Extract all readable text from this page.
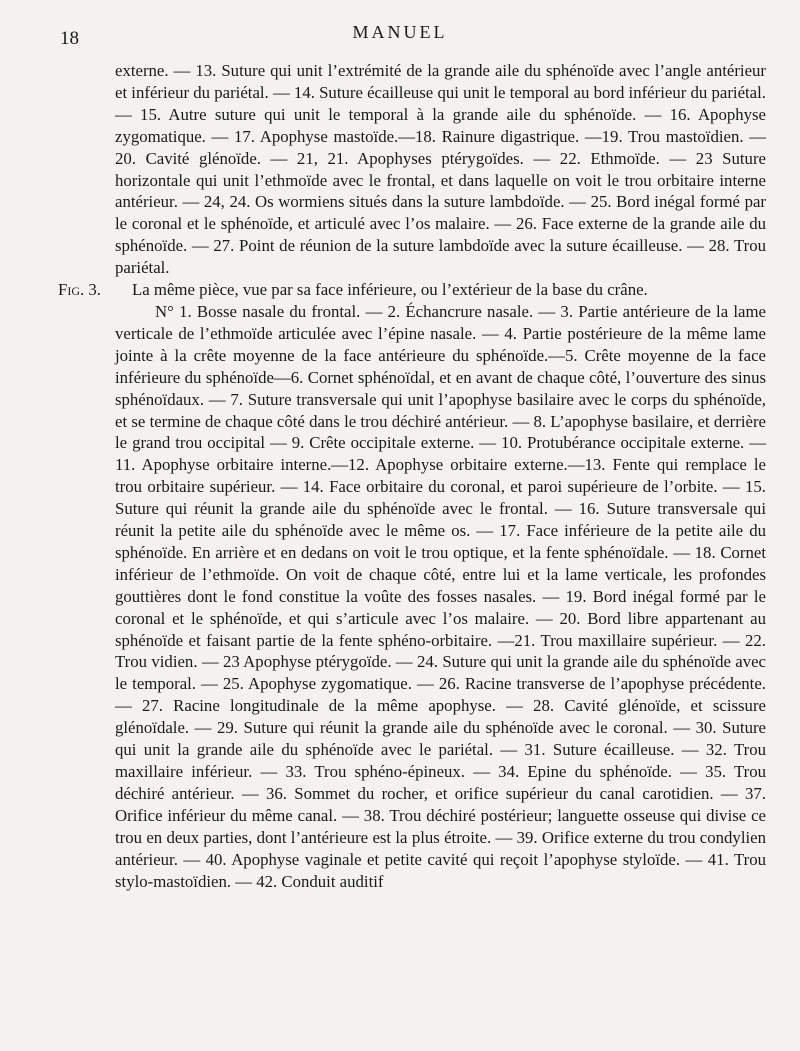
18	MANUEL

externe. — 13. Suture qui unit l’extrémité de la grande aile du sphénoïde avec l’angle antérieur et inférieur du pariétal. — 14. Suture écailleuse qui unit le temporal au bord inférieur du pariétal. — 15. Autre suture qui unit le temporal à la grande aile du sphénoïde. — 16. Apophyse zygomatique. — 17. Apophyse mastoïde.—18. Rainure digastrique. —19. Trou mastoïdien. —20. Cavité glénoïde. — 21, 21. Apophyses ptérygoïdes. — 22. Ethmoïde. — 23 Suture horizontale qui unit l’ethmoïde avec le frontal, et dans laquelle on voit le trou orbitaire interne antérieur. — 24, 24. Os wormiens situés dans la suture lambdoïde. — 25. Bord inégal formé par le coronal et le sphénoïde, et articulé avec l’os malaire. — 26. Face externe de la grande aile du sphénoïde. — 27. Point de réunion de la suture lambdoïde avec la suture écailleuse. — 28. Trou pariétal.

Fig. 3.	La même pièce, vue par sa face inférieure, ou l’extérieur de la base du crâne.

N° 1. Bosse nasale du frontal. — 2. Échancrure nasale. — 3. Partie antérieure de la lame verticale de l’ethmoïde articulée avec l’épine nasale. — 4. Partie postérieure de la même lame jointe à la crête moyenne de la face antérieure du sphénoïde.—5. Crête moyenne de la face inférieure du sphénoïde—6. Cornet sphénoïdal, et en avant de chaque côté, l’ouverture des sinus sphénoïdaux. — 7. Suture transversale qui unit l’apophyse basilaire avec le corps du sphénoïde, et se termine de chaque côté dans le trou déchiré antérieur. — 8. L’apophyse basilaire, et derrière le grand trou occipital — 9. Crête occipitale externe. — 10. Protubérance occipitale externe. —11. Apophyse orbitaire interne.—12. Apophyse orbitaire externe.—13. Fente qui remplace le trou orbitaire supérieur. — 14. Face orbitaire du coronal, et paroi supérieure de l’orbite. — 15. Suture qui réunit la grande aile du sphénoïde avec le frontal. — 16. Suture transversale qui réunit la petite aile du sphénoïde avec le même os. — 17. Face inférieure de la petite aile du sphénoïde. En arrière et en dedans on voit le trou optique, et la fente sphénoïdale. — 18. Cornet inférieur de l’ethmoïde. On voit de chaque côté, entre lui et la lame verticale, les profondes gouttières dont le fond constitue la voûte des fosses nasales. — 19. Bord inégal formé par le coronal et le sphénoïde, et qui s’articule avec l’os malaire. — 20. Bord libre appartenant au sphénoïde et faisant partie de la fente sphéno-orbitaire. —21. Trou maxillaire supérieur. — 22. Trou vidien. — 23 Apophyse ptérygoïde. — 24. Suture qui unit la grande aile du sphénoïde avec le temporal. — 25. Apophyse zygomatique. — 26. Racine transverse de l’apophyse précédente. — 27. Racine longitudinale de la même apophyse. — 28. Cavité glénoïde, et scissure glénoïdale. — 29. Suture qui réunit la grande aile du sphénoïde avec le coronal. — 30. Suture qui unit la grande aile du sphénoïde avec le pariétal. — 31. Suture écailleuse. — 32. Trou maxillaire inférieur. — 33. Trou sphéno-épineux. — 34. Epine du sphénoïde. — 35. Trou déchiré antérieur. — 36. Sommet du rocher, et orifice supérieur du canal carotidien. — 37. Orifice inférieur du même canal. — 38. Trou déchiré postérieur; languette osseuse qui divise ce trou en deux parties, dont l’antérieure est la plus étroite. — 39. Orifice externe du trou condylien antérieur. — 40. Apophyse vaginale et petite cavité qui reçoit l’apophyse styloïde. — 41. Trou stylo-mastoïdien. — 42. Conduit auditif
